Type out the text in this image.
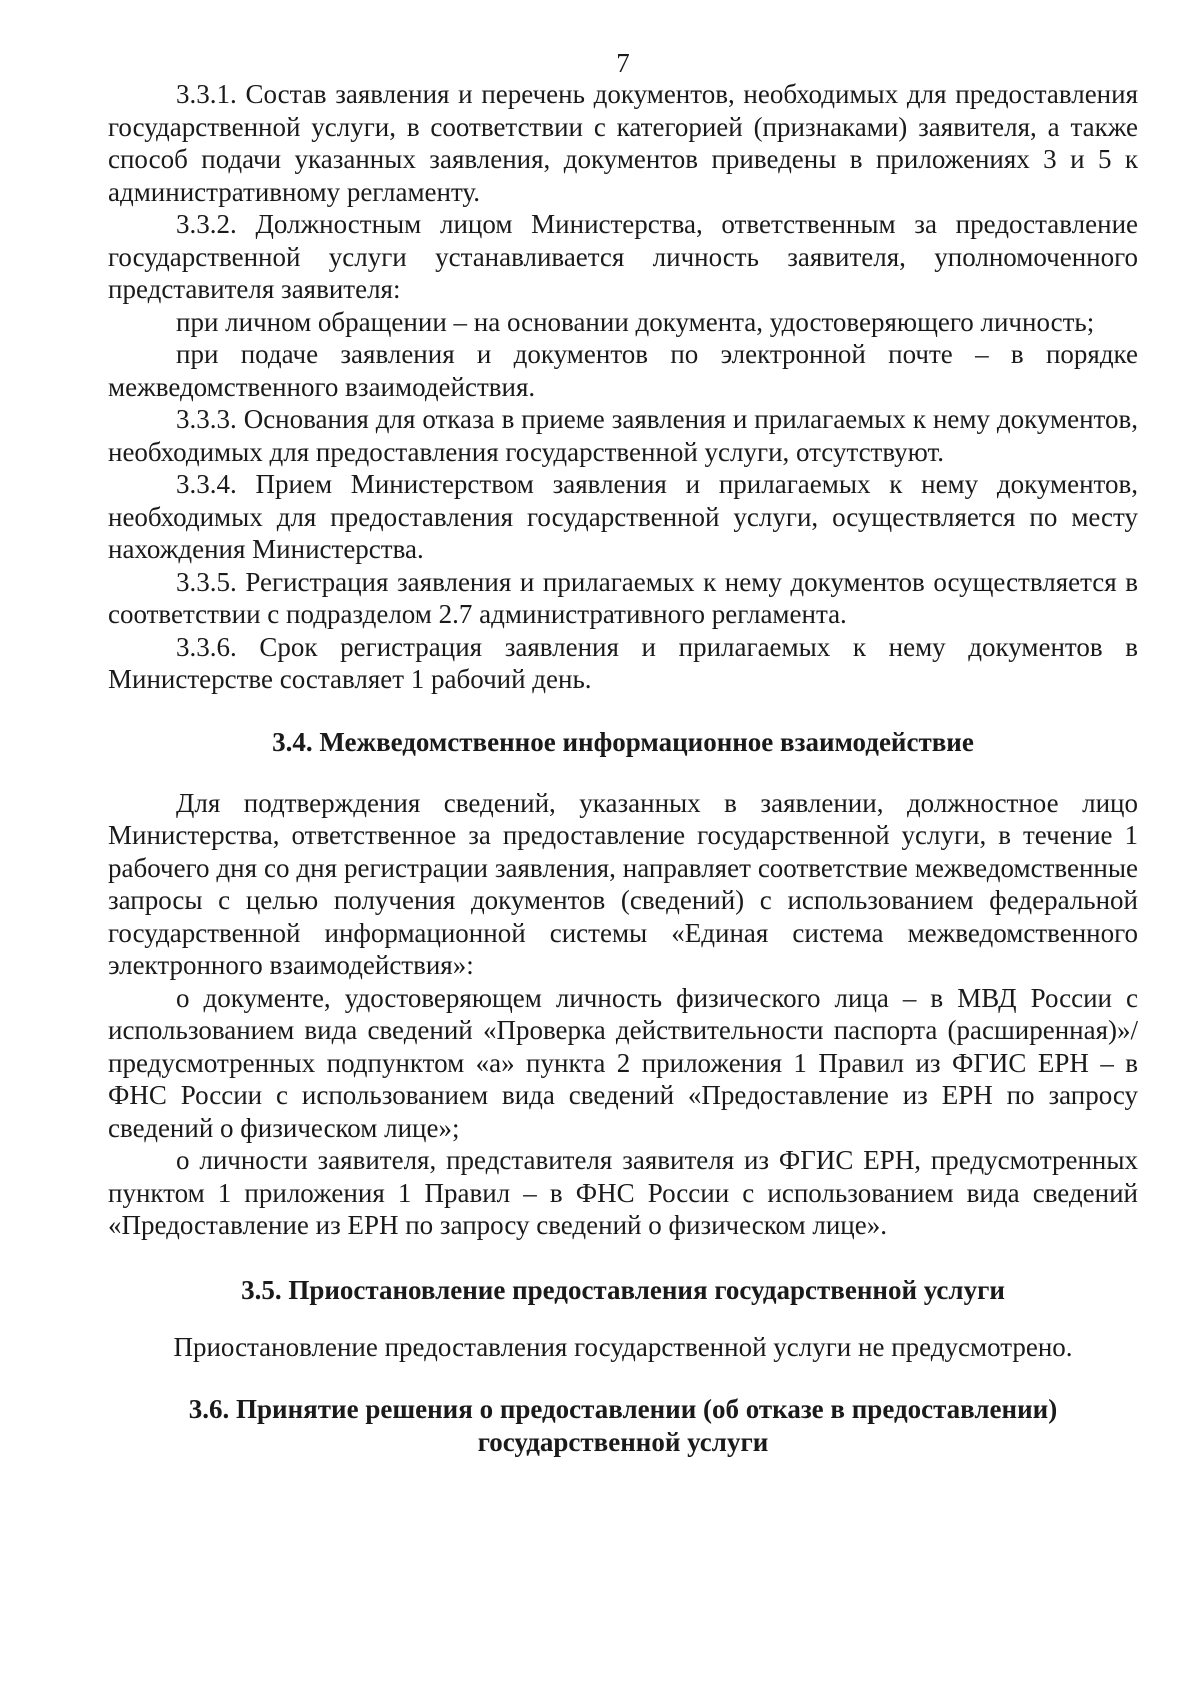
7

3.3.1. Состав заявления и перечень документов, необходимых для предоставления государственной услуги, в соответствии с категорией (признаками) заявителя, а также способ подачи указанных заявления, документов приведены в приложениях 3 и 5 к административному регламенту.

3.3.2. Должностным лицом Министерства, ответственным за предоставление государственной услуги устанавливается личность заявителя, уполномоченного представителя заявителя:

при личном обращении – на основании документа, удостоверяющего личность;

при подаче заявления и документов по электронной почте – в порядке межведомственного взаимодействия.

3.3.3. Основания для отказа в приеме заявления и прилагаемых к нему документов, необходимых для предоставления государственной услуги, отсутствуют.

3.3.4. Прием Министерством заявления и прилагаемых к нему документов, необходимых для предоставления государственной услуги, осуществляется по месту нахождения Министерства.

3.3.5. Регистрация заявления и прилагаемых к нему документов осуществляется в соответствии с подразделом 2.7 административного регламента.

3.3.6. Срок регистрация заявления и прилагаемых к нему документов в Министерстве составляет 1 рабочий день.

3.4. Межведомственное информационное взаимодействие

Для подтверждения сведений, указанных в заявлении, должностное лицо Министерства, ответственное за предоставление государственной услуги, в течение 1 рабочего дня со дня регистрации заявления, направляет соответствие межведомственные запросы с целью получения документов (сведений) с использованием федеральной государственной информационной системы «Единая система межведомственного электронного взаимодействия»:

о документе, удостоверяющем личность физического лица – в МВД России с использованием вида сведений «Проверка действительности паспорта (расширенная)»/предусмотренных подпунктом «а» пункта 2 приложения 1 Правил из ФГИС ЕРН – в ФНС России с использованием вида сведений «Предоставление из ЕРН по запросу сведений о физическом лице»;

о личности заявителя, представителя заявителя из ФГИС ЕРН, предусмотренных пунктом 1 приложения 1 Правил – в ФНС России с использованием вида сведений «Предоставление из ЕРН по запросу сведений о физическом лице».

3.5. Приостановление предоставления государственной услуги

Приостановление предоставления государственной услуги не предусмотрено.

3.6. Принятие решения о предоставлении (об отказе в предоставлении)
государственной услуги
